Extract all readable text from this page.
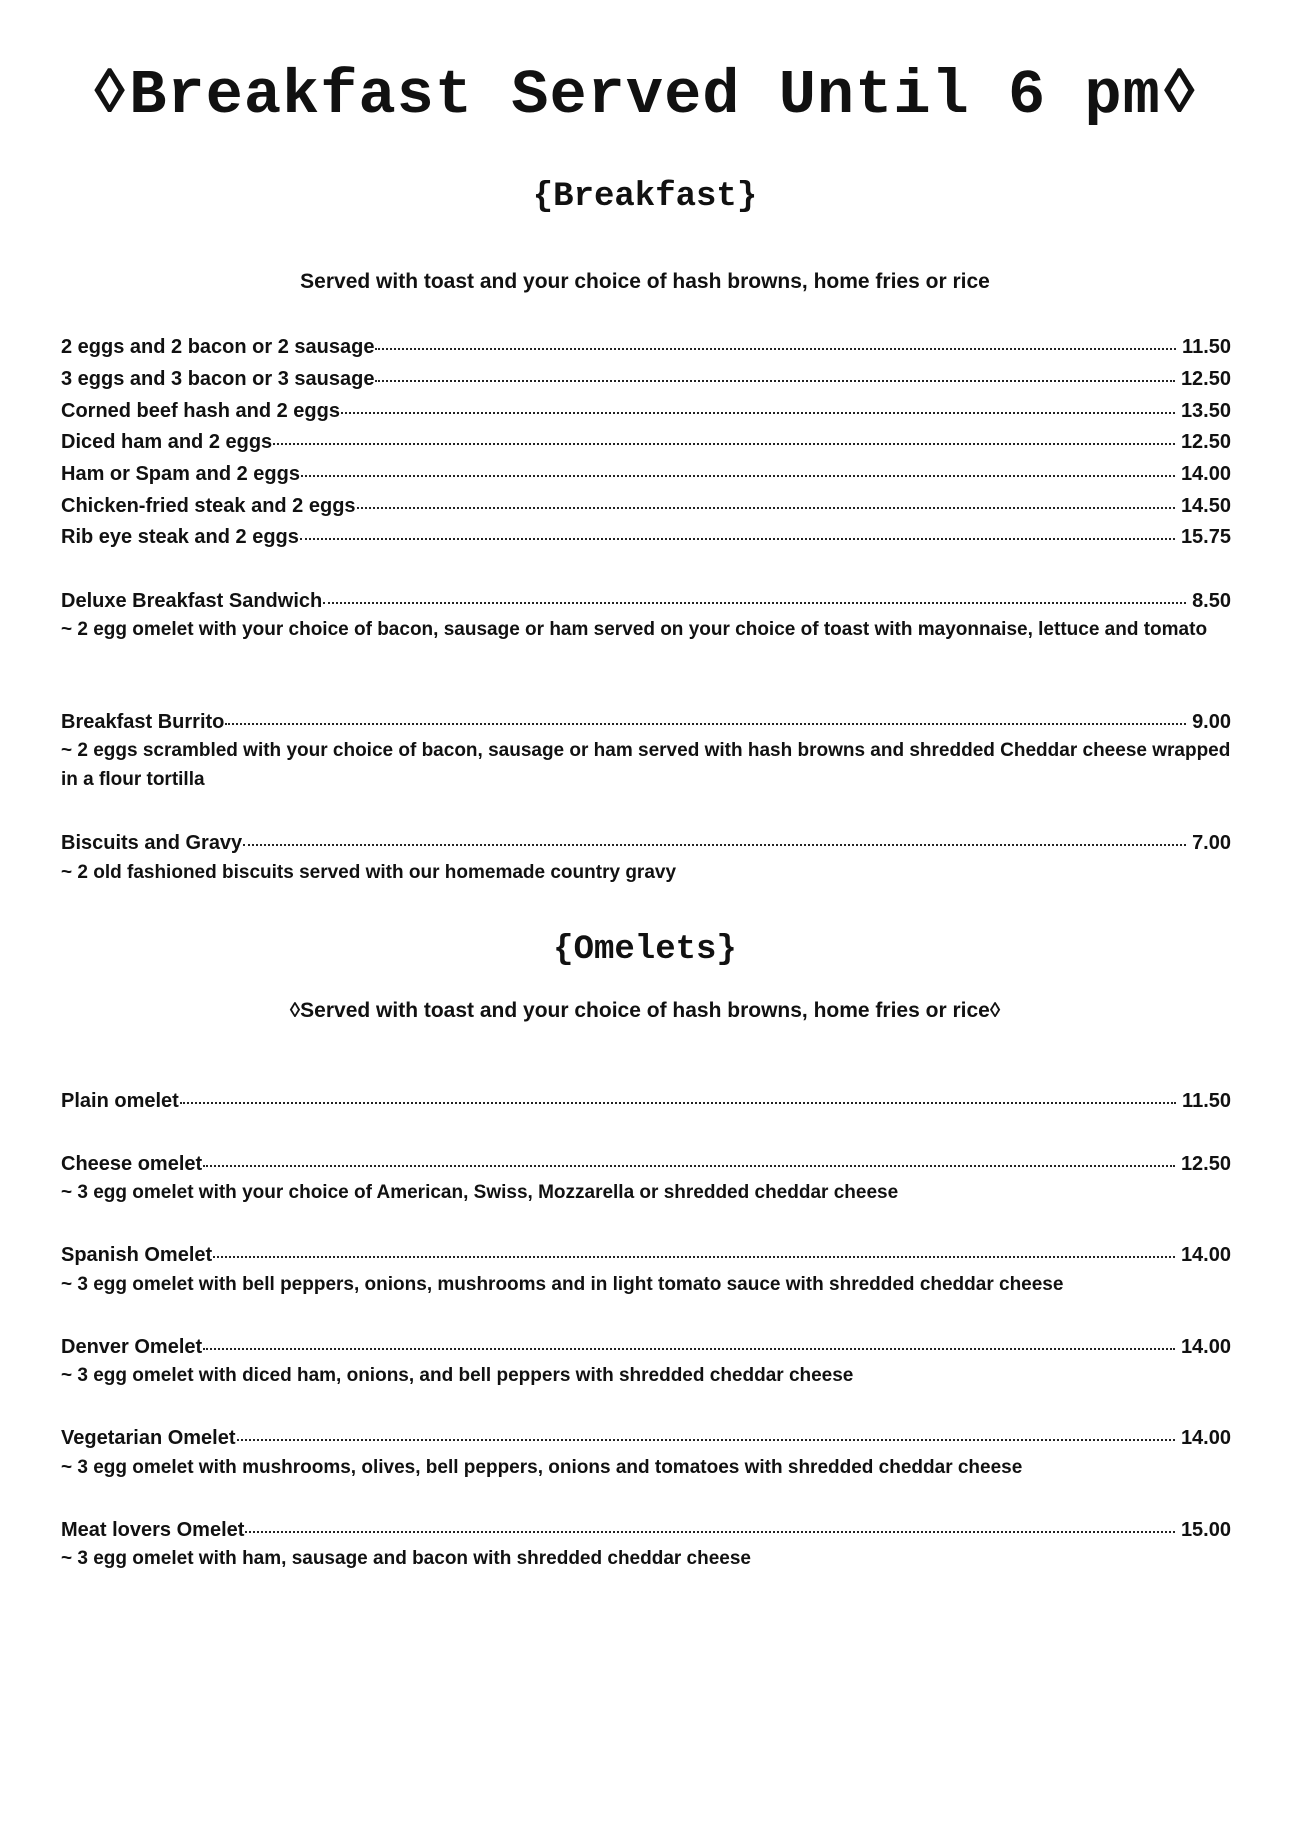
◊Breakfast Served Until 6 pm◊
{Breakfast}

Served with toast and your choice of hash browns, home fries or rice

2 eggs and 2 bacon or 2 sausage	11.50
3 eggs and 3 bacon or 3 sausage	12.50
Corned beef hash and 2 eggs	13.50
Diced ham and 2 eggs	12.50
Ham or Spam and 2 eggs	14.00
Chicken-fried steak and 2 eggs	14.50
Rib eye steak and 2 eggs	15.75
Deluxe Breakfast Sandwich	8.50

~ 2 egg omelet with your choice of bacon, sausage or ham served on your choice of toast with mayonnaise, lettuce and tomato

Breakfast Burrito	9.00

~ 2 eggs scrambled with your choice of bacon, sausage or ham served with hash browns and shredded Cheddar cheese wrapped in a flour tortilla

Biscuits and Gravy	7.00

~ 2 old fashioned biscuits served with our homemade country gravy

{Omelets}

◊Served with toast and your choice of hash browns, home fries or rice◊

Plain omelet	11.50
Cheese omelet	12.50

~ 3 egg omelet with your choice of American, Swiss, Mozzarella or shredded cheddar cheese

Spanish Omelet	14.00

~ 3 egg omelet with bell peppers, onions, mushrooms and in light tomato sauce with shredded cheddar cheese

Denver Omelet	14.00

~ 3 egg omelet with diced ham, onions, and bell peppers with shredded cheddar cheese

Vegetarian Omelet	14.00

~ 3 egg omelet with mushrooms, olives, bell peppers, onions and tomatoes with shredded cheddar cheese

Meat lovers Omelet	15.00

~ 3 egg omelet with ham, sausage and bacon with shredded cheddar cheese
